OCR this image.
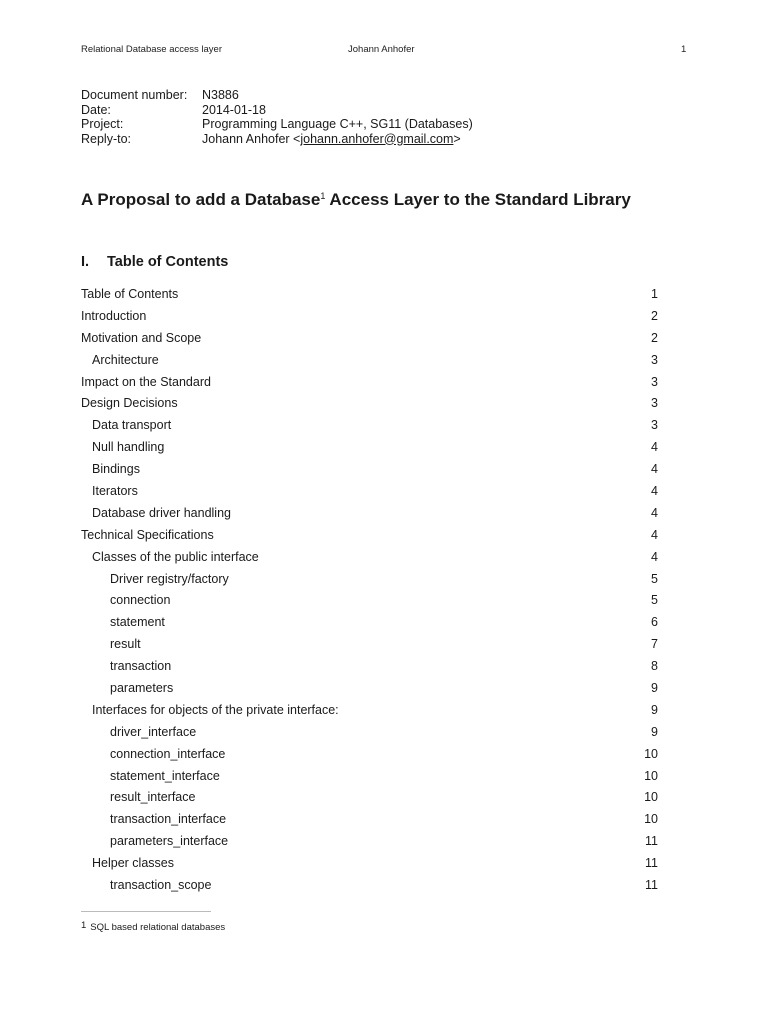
Relational Database access layer	Johann Anhofer	1
Document number:	N3886
Date:	2014-01-18
Project:	Programming Language C++, SG11 (Databases)
Reply-to:	Johann Anhofer <johann.anhofer@gmail.com>
A Proposal to add a Database$^1$ Access Layer to the Standard Library
I.	Table of Contents
Table of Contents	1
Introduction	2
Motivation and Scope	2
Architecture	3
Impact on the Standard	3
Design Decisions	3
Data transport	3
Null handling	4
Bindings	4
Iterators	4
Database driver handling	4
Technical Specifications	4
Classes of the public interface	4
Driver registry/factory	5
connection	5
statement	6
result	7
transaction	8
parameters	9
Interfaces for objects of the private interface:	9
driver_interface	9
connection_interface	10
statement_interface	10
result_interface	10
transaction_interface	10
parameters_interface	11
Helper classes	11
transaction_scope	11
$^1$ SQL based relational databases
